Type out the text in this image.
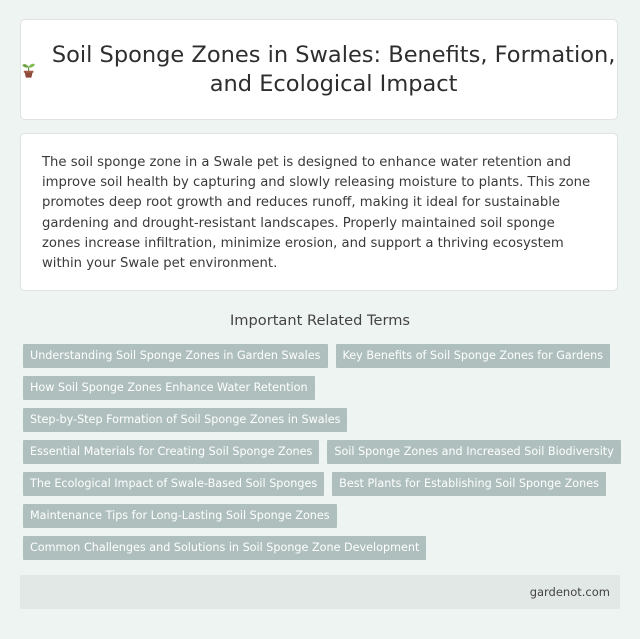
Soil Sponge Zones in Swales: Benefits, Formation, and Ecological Impact

The soil sponge zone in a Swale pet is designed to enhance water retention and improve soil health by capturing and slowly releasing moisture to plants. This zone promotes deep root growth and reduces runoff, making it ideal for sustainable gardening and drought-resistant landscapes. Properly maintained soil sponge zones increase infiltration, minimize erosion, and support a thriving ecosystem within your Swale pet environment.

Important Related Terms
Understanding Soil Sponge Zones in Garden Swales	Key Benefits of Soil Sponge Zones for Gardens
How Soil Sponge Zones Enhance Water Retention
Step-by-Step Formation of Soil Sponge Zones in Swales
Essential Materials for Creating Soil Sponge Zones	Soil Sponge Zones and Increased Soil Biodiversity
The Ecological Impact of Swale-Based Soil Sponges	Best Plants for Establishing Soil Sponge Zones
Maintenance Tips for Long-Lasting Soil Sponge Zones
Common Challenges and Solutions in Soil Sponge Zone Development
gardenot.com
